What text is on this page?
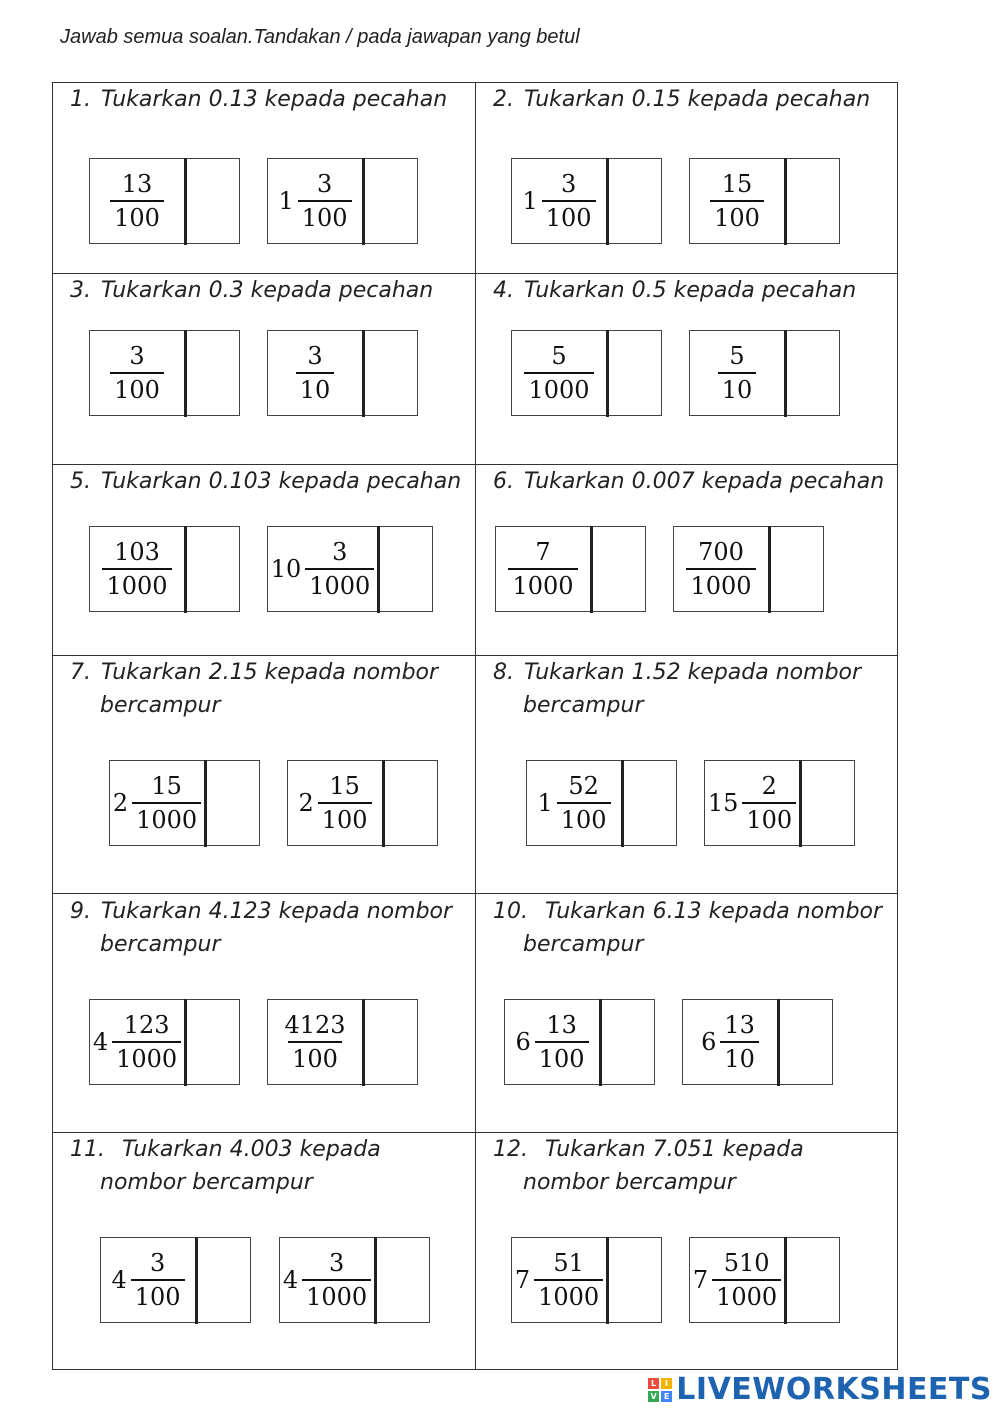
Jawab semua soalan.Tandakan / pada jawapan yang betul
1. Tukarkan 0.13 kepada pecahan
$\frac{13}{100}$	$1 \frac{3}{100}$
2. Tukarkan 0.15 kepada pecahan
$1 \frac{3}{100}$	$\frac{15}{100}$
3. Tukarkan 0.3 kepada pecahan
$\frac{3}{100}$	$\frac{3}{10}$
4. Tukarkan 0.5 kepada pecahan
$\frac{5}{1000}$	$\frac{5}{10}$
5. Tukarkan 0.103 kepada pecahan
$\frac{103}{1000}$	$10 \frac{3}{1000}$
6. Tukarkan 0.007 kepada pecahan
$\frac{7}{1000}$	$\frac{700}{1000}$
7. Tukarkan 2.15 kepada nombor
bercampur
$2 \frac{15}{1000}$	$2 \frac{15}{100}$
8. Tukarkan 1.52 kepada nombor
bercampur
$1 \frac{52}{100}$	$15 \frac{2}{100}$
9. Tukarkan 4.123 kepada nombor
bercampur
$4 \frac{123}{1000}$	$\frac{4123}{100}$
10. Tukarkan 6.13 kepada nombor
bercampur
$6 \frac{13}{100}$	$6 \frac{13}{10}$
11. Tukarkan 4.003 kepada
nombor bercampur
$4 \frac{3}{100}$	$4 \frac{3}{1000}$
12. Tukarkan 7.051 kepada
nombor bercampur
$7 \frac{51}{1000}$	$7 \frac{510}{1000}$
L	I
V E LIVEWORKSHEETS
